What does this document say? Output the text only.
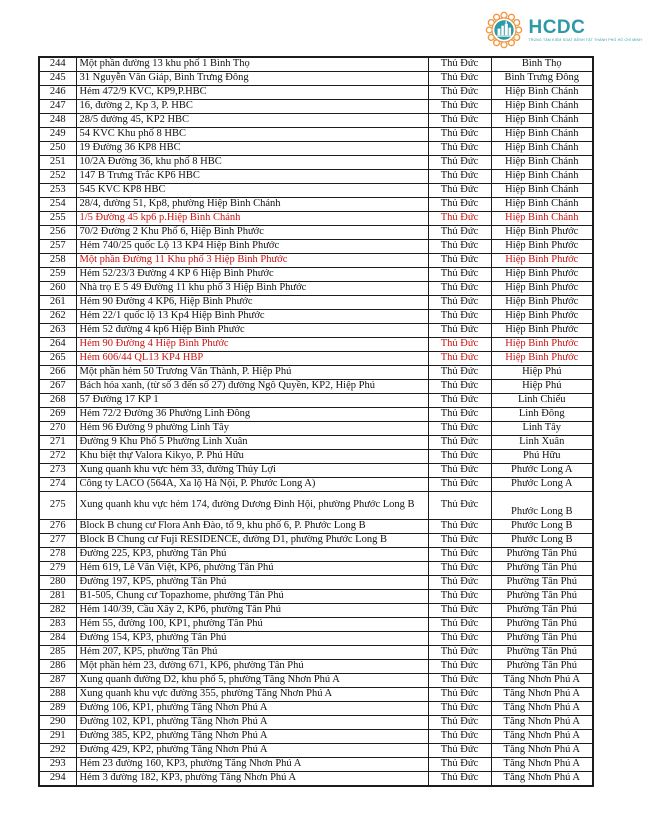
HCDC
TRUNG TÂM KIỂM SOÁT BỆNH TẬT THÀNH PHỐ HỒ CHÍ MINH
244	Một phần đường 13 khu phố 1 Bình Thọ	Thủ Đức	Bình Thọ
245	31 Nguyễn Văn Giáp, Bình Trưng Đông	Thủ Đức	Bình Trưng Đông
246	Hẻm 472/9 KVC, KP9,P.HBC	Thủ Đức	Hiệp Bình Chánh
247	16, đường 2, Kp 3, P. HBC	Thủ Đức	Hiệp Bình Chánh
248	28/5 đường 45, KP2 HBC	Thủ Đức	Hiệp Bình Chánh
249	54 KVC Khu phố 8 HBC	Thủ Đức	Hiệp Bình Chánh
250	19 Đường 36 KP8 HBC	Thủ Đức	Hiệp Bình Chánh
251	10/2A Đường 36, khu phố 8 HBC	Thủ Đức	Hiệp Bình Chánh
252	147 B Trưng Trắc KP6 HBC	Thủ Đức	Hiệp Bình Chánh
253	545 KVC KP8 HBC	Thủ Đức	Hiệp Bình Chánh
254	28/4, đường 51, Kp8, phường Hiệp Bình Chánh	Thủ Đức	Hiệp Bình Chánh
255	1/5 Đường 45 kp6 p.Hiệp Bình Chánh	Thủ Đức	Hiệp Bình Chánh
256	70/2 Đường 2 Khu Phố 6, Hiệp Bình Phước	Thủ Đức	Hiệp Bình Phước
257	Hẻm 740/25 quốc Lộ 13 KP4 Hiệp Bình Phước	Thủ Đức	Hiệp Bình Phước
258	Một phần Đường 11 Khu phố 3 Hiệp Bình Phước	Thủ Đức	Hiệp Bình Phước
259	Hẻm 52/23/3 Đường 4 KP 6 Hiệp Bình Phước	Thủ Đức	Hiệp Bình Phước
260	Nhà trọ E 5 49 Đường 11 khu phố 3 Hiệp Bình Phước	Thủ Đức	Hiệp Bình Phước
261	Hẻm 90 Đường 4 KP6, Hiệp Bình Phước	Thủ Đức	Hiệp Bình Phước
262	Hẻm 22/1 quốc lộ 13 Kp4 Hiệp Bình Phước	Thủ Đức	Hiệp Bình Phước
263	Hẻm 52 đường 4 kp6 Hiệp Bình Phước	Thủ Đức	Hiệp Bình Phước
264	Hẻm 90 Đường 4 Hiệp Bình Phước	Thủ Đức	Hiệp Bình Phước
265	Hẻm 606/44 QL13 KP4 HBP	Thủ Đức	Hiệp Bình Phước
266	Một phần hẻm 50 Trương Văn Thành, P. Hiệp Phú	Thủ Đức	Hiệp Phú
267	Bách hóa xanh, (từ số 3 đến số 27) đường Ngô Quyền, KP2, Hiệp Phú	Thủ Đức	Hiệp Phú
268	57 Đường 17 KP 1	Thủ Đức	Linh Chiểu
269	Hẻm 72/2 Đường 36 Phường Linh Đông	Thủ Đức	Linh Đông
270	Hẻm 96 Đường 9 phường Linh Tây	Thủ Đức	Linh Tây
271	Đường 9 Khu Phố 5 Phường Linh Xuân	Thủ Đức	Linh Xuân
272	Khu biệt thự Valora Kikyo, P. Phú Hữu	Thủ Đức	Phú Hữu
273	Xung quanh khu vực hẻm 33, đường Thủy Lợi	Thủ Đức	Phước Long A
274	Công ty LACO (564A, Xa lộ Hà Nội, P. Phước Long A)	Thủ Đức	Phước Long A
275	Xung quanh khu vực hẻm 174, đường Dương Đình Hội, phường Phước Long B	Thủ Đức	Phước Long B
276	Block B chung cư Flora Anh Đào, tổ 9, khu phố 6, P. Phước Long B	Thủ Đức	Phước Long B
277	Block B Chung cư Fuji RESIDENCE, đường D1, phường Phước Long B	Thủ Đức	Phước Long B
278	Đường 225, KP3, phường Tân Phú	Thủ Đức	Phường Tân Phú
279	Hẻm 619, Lê Văn Việt, KP6, phường Tân Phú	Thủ Đức	Phường Tân Phú
280	Đường 197, KP5, phường Tân Phú	Thủ Đức	Phường Tân Phú
281	B1-505, Chung cư Topazhome, phường Tân Phú	Thủ Đức	Phường Tân Phú
282	Hẻm 140/39, Cầu Xây 2, KP6, phường Tân Phú	Thủ Đức	Phường Tân Phú
283	Hẻm 55, đường 100, KP1, phường Tân Phú	Thủ Đức	Phường Tân Phú
284	Đường 154, KP3, phường Tân Phú	Thủ Đức	Phường Tân Phú
285	Hẻm 207, KP5, phường Tân Phú	Thủ Đức	Phường Tân Phú
286	Một phần hẻm 23, đường 671, KP6, phường Tân Phú	Thủ Đức	Phường Tân Phú
287	Xung quanh đường D2, khu phố 5, phường Tăng Nhơn Phú A	Thủ Đức	Tăng Nhơn Phú A
288	Xung quanh khu vực đường 355, phường Tăng Nhơn Phú A	Thủ Đức	Tăng Nhơn Phú A
289	Đường 106, KP1, phường Tăng Nhơn Phú A	Thủ Đức	Tăng Nhơn Phú A
290	Đường 102, KP1, phường Tăng Nhơn Phú A	Thủ Đức	Tăng Nhơn Phú A
291	Đường 385, KP2, phường Tăng Nhơn Phú A	Thủ Đức	Tăng Nhơn Phú A
292	Đường 429, KP2, phường Tăng Nhơn Phú A	Thủ Đức	Tăng Nhơn Phú A
293	Hẻm 23 đường 160, KP3, phường Tăng Nhơn Phú A	Thủ Đức	Tăng Nhơn Phú A
294	Hẻm 3 đường 182, KP3, phường Tăng Nhơn Phú A	Thủ Đức	Tăng Nhơn Phú A
